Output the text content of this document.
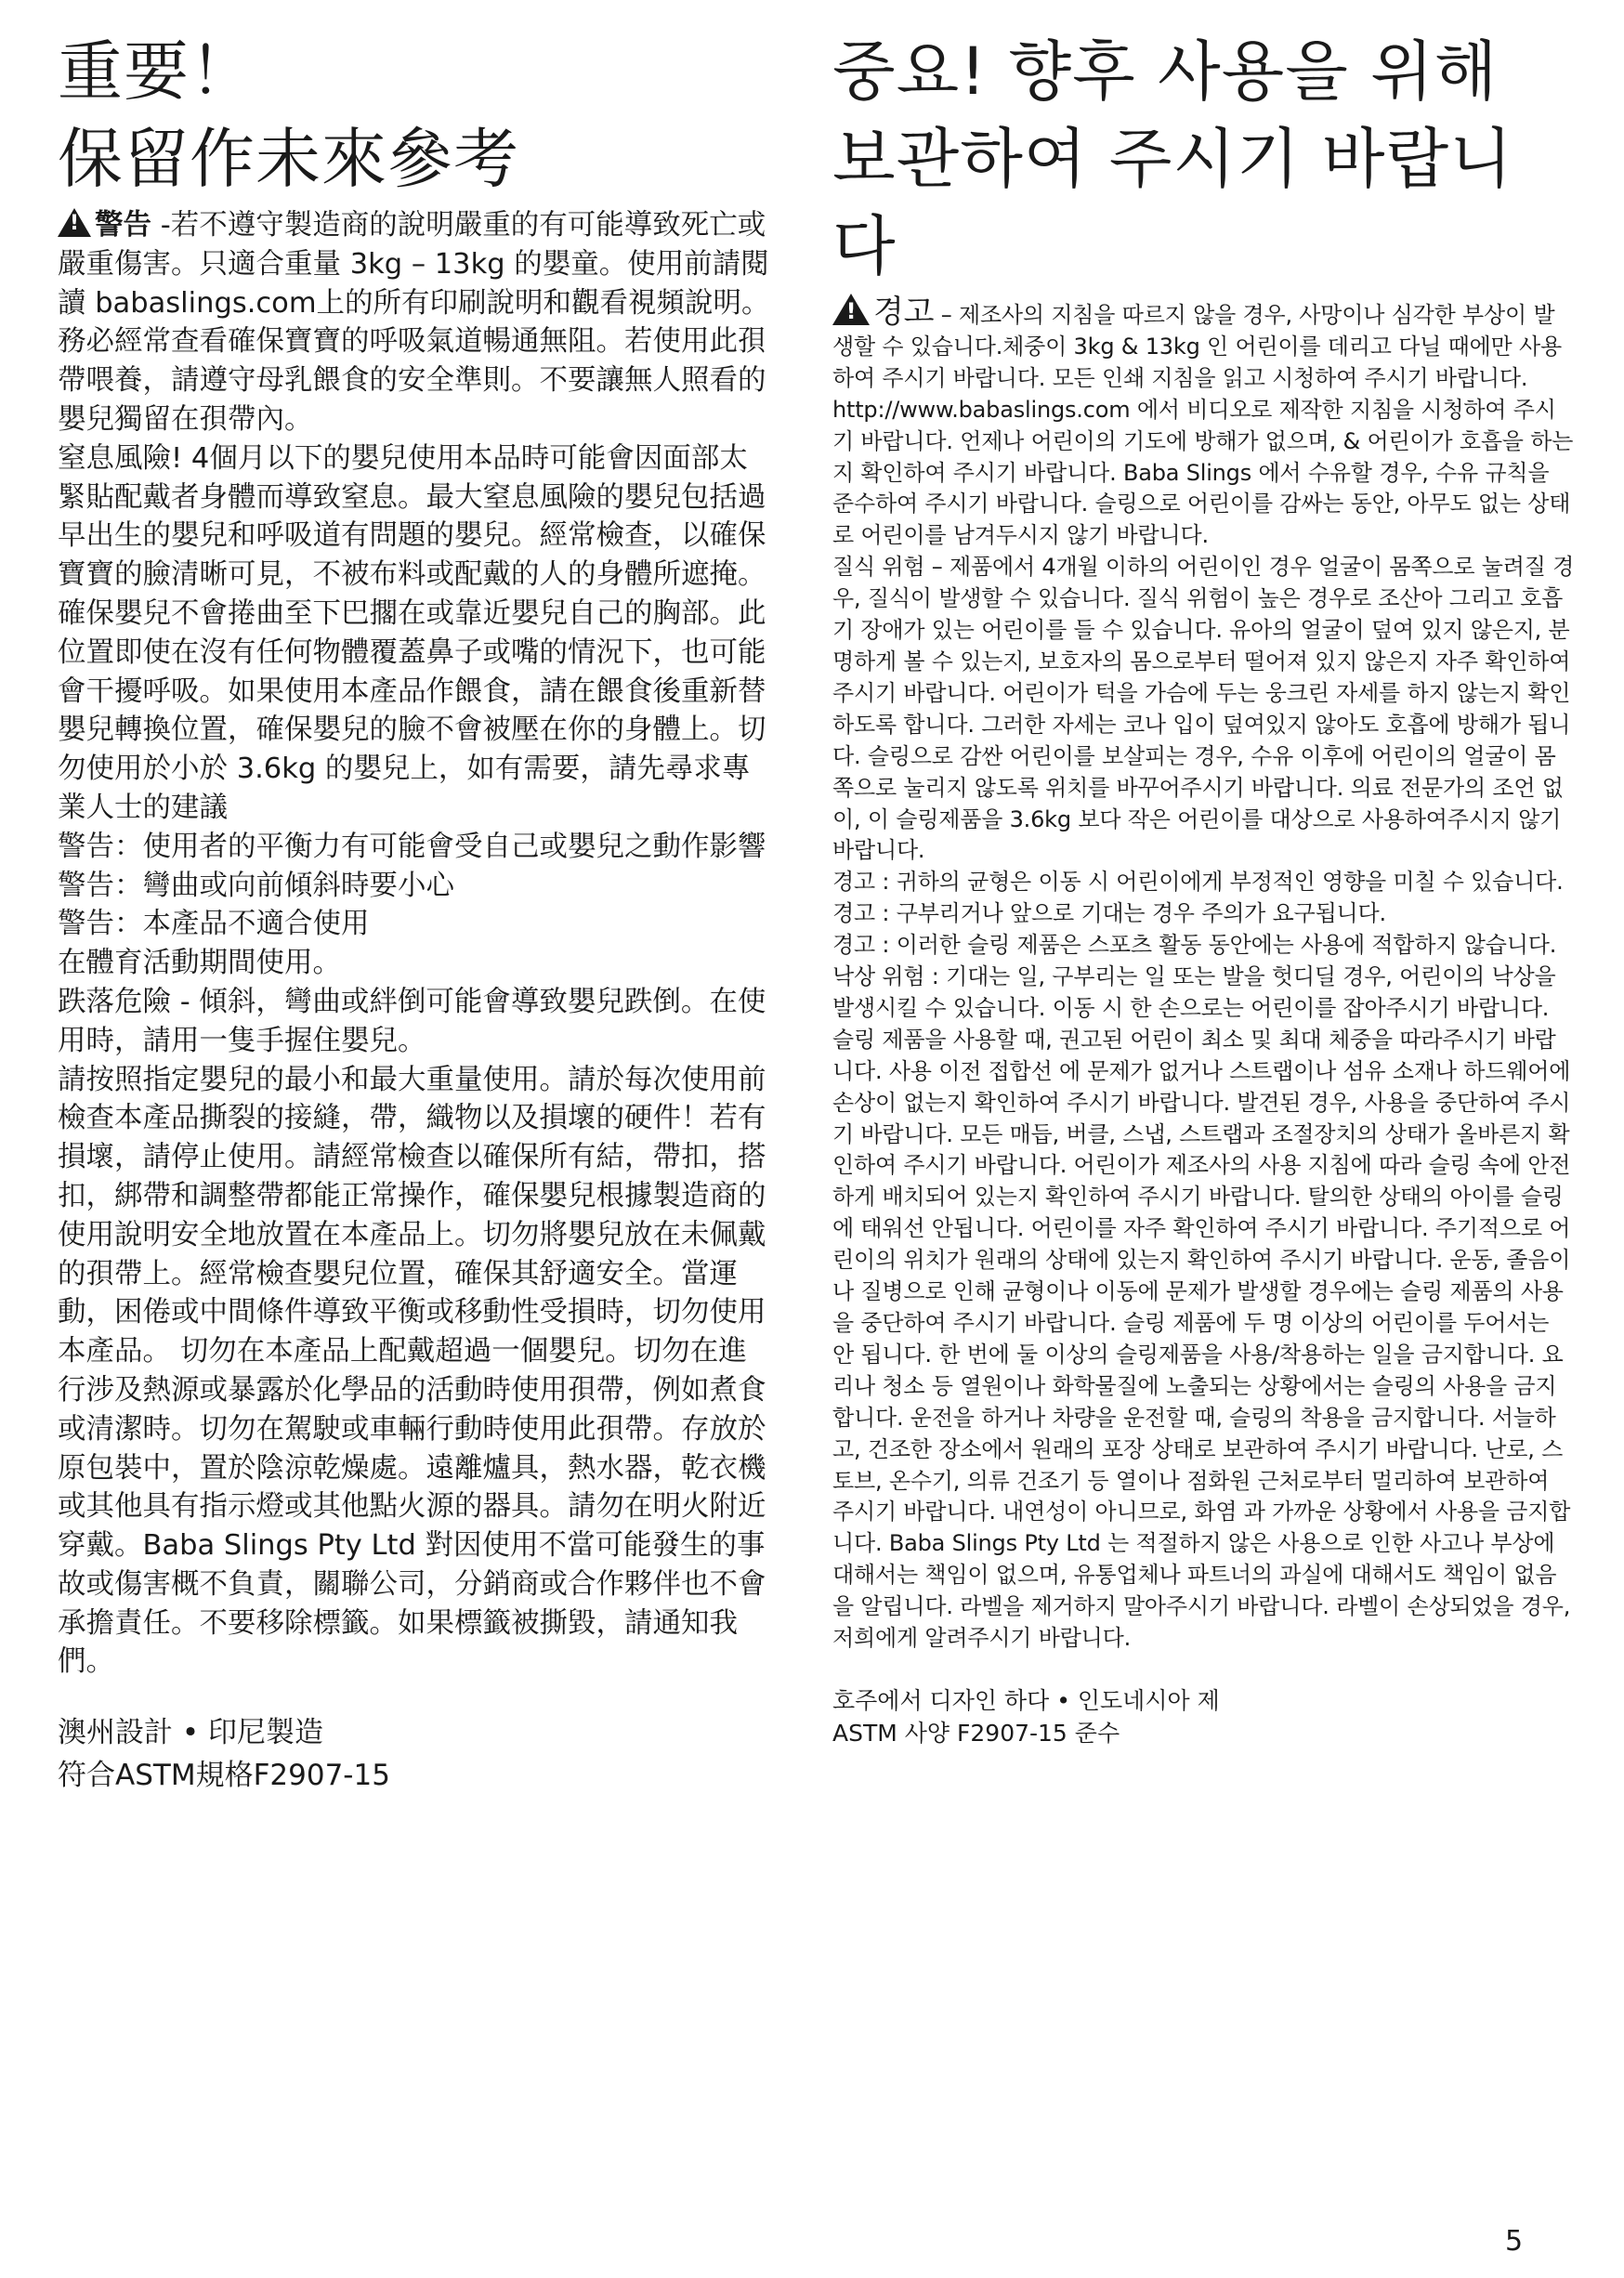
重要！
保留作未來參考

!警告 -若不遵守製造商的說明嚴重的有可能導致死亡或嚴重傷害。只適合重量 3kg – 13kg 的嬰童。使用前請閱讀 babaslings.com上的所有印刷說明和觀看視頻說明。務必經常查看確保寶寶的呼吸氣道暢通無阻。若使用此孭帶喂養，請遵守母乳餵食的安全準則。不要讓無人照看的嬰兒獨留在孭帶內。

窒息風險! 4個月以下的嬰兒使用本品時可能會因面部太緊貼配戴者身體而導致窒息。最大窒息風險的嬰兒包括過早出生的嬰兒和呼吸道有問題的嬰兒。經常檢查，以確保寶寶的臉清晰可見，不被布料或配戴的人的身體所遮掩。確保嬰兒不會捲曲至下巴擱在或靠近嬰兒自己的胸部。此位置即使在沒有任何物體覆蓋鼻子或嘴的情況下，也可能會干擾呼吸。如果使用本產品作餵食，請在餵食後重新替嬰兒轉換位置，確保嬰兒的臉不會被壓在你的身體上。切勿使用於小於 3.6kg 的嬰兒上，如有需要，請先尋求專業人士的建議

警告：使用者的平衡力有可能會受自己或嬰兒之動作影響

警告：彎曲或向前傾斜時要小心

警告：本產品不適合使用

在體育活動期間使用。

跌落危險 - 傾斜，彎曲或絆倒可能會導致嬰兒跌倒。在使用時，請用一隻手握住嬰兒。

請按照指定嬰兒的最小和最大重量使用。請於每次使用前檢查本產品撕裂的接縫，帶，織物以及損壞的硬件！若有損壞，請停止使用。請經常檢查以確保所有結，帶扣，搭扣，綁帶和調整帶都能正常操作，確保嬰兒根據製造商的使用說明安全地放置在本產品上。切勿將嬰兒放在未佩戴的孭帶上。經常檢查嬰兒位置，確保其舒適安全。當運動，困倦或中間條件導致平衡或移動性受損時，切勿使用本產品。 切勿在本產品上配戴超過一個嬰兒。切勿在進行涉及熱源或暴露於化學品的活動時使用孭帶，例如煮食或清潔時。切勿在駕駛或車輛行動時使用此孭帶。存放於原包裝中，置於陰涼乾燥處。遠離爐具，熱水器，乾衣機或其他具有指示燈或其他點火源的器具。請勿在明火附近穿戴。Baba Slings Pty Ltd 對因使用不當可能發生的事故或傷害概不負責，關聯公司，分銷商或合作夥伴也不會承擔責任。不要移除標籤。如果標籤被撕毀，請通知我們。

澳州設計 • 印尼製造

符合ASTM規格F2907-15

중요! 향후 사용을 위해
보관하여 주시기 바랍니
다

!경고 – 제조사의 지침을 따르지 않을 경우, 사망이나 심각한 부상이 발생할 수 있습니다.체중이 3kg & 13kg 인 어린이를 데리고 다닐 때에만 사용하여 주시기 바랍니다. 모든 인쇄 지침을 읽고 시청하여 주시기 바랍니다. http://www.babaslings.com 에서 비디오로 제작한 지침을 시청하여 주시기 바랍니다. 언제나 어린이의 기도에 방해가 없으며, & 어린이가 호흡을 하는지 확인하여 주시기 바랍니다. Baba Slings 에서 수유할 경우, 수유 규칙을 준수하여 주시기 바랍니다. 슬링으로 어린이를 감싸는 동안, 아무도 없는 상태로 어린이를 남겨두시지 않기 바랍니다.

질식 위험 – 제품에서 4개월 이하의 어린이인 경우 얼굴이 몸쪽으로 눌려질 경우, 질식이 발생할 수 있습니다. 질식 위험이 높은 경우로 조산아 그리고 호흡기 장애가 있는 어린이를 들 수 있습니다. 유아의 얼굴이 덮여 있지 않은지, 분명하게 볼 수 있는지, 보호자의 몸으로부터 떨어져 있지 않은지 자주 확인하여 주시기 바랍니다. 어린이가 턱을 가슴에 두는 웅크린 자세를 하지 않는지 확인하도록 합니다. 그러한 자세는 코나 입이 덮여있지 않아도 호흡에 방해가 됩니다. 슬링으로 감싼 어린이를 보살피는 경우, 수유 이후에 어린이의 얼굴이 몸쪽으로 눌리지 않도록 위치를 바꾸어주시기 바랍니다. 의료 전문가의 조언 없이, 이 슬링제품을 3.6kg 보다 작은 어린이를 대상으로 사용하여주시지 않기 바랍니다.

경고 : 귀하의 균형은 이동 시 어린이에게 부정적인 영향을 미칠 수 있습니다.

경고 : 구부리거나 앞으로 기대는 경우 주의가 요구됩니다.

경고 : 이러한 슬링 제품은 스포츠 활동 동안에는 사용에 적합하지 않습니다.

낙상 위험 : 기대는 일, 구부리는 일 또는 발을 헛디딜 경우, 어린이의 낙상을 발생시킬 수 있습니다. 이동 시 한 손으로는 어린이를 잡아주시기 바랍니다. 슬링 제품을 사용할 때, 권고된 어린이 최소 및 최대 체중을 따라주시기 바랍니다. 사용 이전 접합선 에 문제가 없거나 스트랩이나 섬유 소재나 하드웨어에 손상이 없는지 확인하여 주시기 바랍니다. 발견된 경우, 사용을 중단하여 주시기 바랍니다. 모든 매듭, 버클, 스냅, 스트랩과 조절장치의 상태가 올바른지 확인하여 주시기 바랍니다. 어린이가 제조사의 사용 지침에 따라 슬링 속에 안전하게 배치되어 있는지 확인하여 주시기 바랍니다. 탈의한 상태의 아이를 슬링에 태워선 안됩니다. 어린이를 자주 확인하여 주시기 바랍니다. 주기적으로 어린이의 위치가 원래의 상태에 있는지 확인하여 주시기 바랍니다. 운동, 졸음이나 질병으로 인해 균형이나 이동에 문제가 발생할 경우에는 슬링 제품의 사용을 중단하여 주시기 바랍니다. 슬링 제품에 두 명 이상의 어린이를 두어서는 안 됩니다. 한 번에 둘 이상의 슬링제품을 사용/착용하는 일을 금지합니다. 요리나 청소 등 열원이나 화학물질에 노출되는 상황에서는 슬링의 사용을 금지합니다. 운전을 하거나 차량을 운전할 때, 슬링의 착용을 금지합니다. 서늘하고, 건조한 장소에서 원래의 포장 상태로 보관하여 주시기 바랍니다. 난로, 스토브, 온수기, 의류 건조기 등 열이나 점화원 근처로부터 멀리하여 보관하여 주시기 바랍니다. 내연성이 아니므로, 화염 과 가까운 상황에서 사용을 금지합니다. Baba Slings Pty Ltd 는 적절하지 않은 사용으로 인한 사고나 부상에 대해서는 책임이 없으며, 유통업체나 파트너의 과실에 대해서도 책임이 없음을 알립니다. 라벨을 제거하지 말아주시기 바랍니다. 라벨이 손상되었을 경우, 저희에게 알려주시기 바랍니다.

호주에서 디자인 하다 • 인도네시아 제

ASTM 사양 F2907-15 준수

5
